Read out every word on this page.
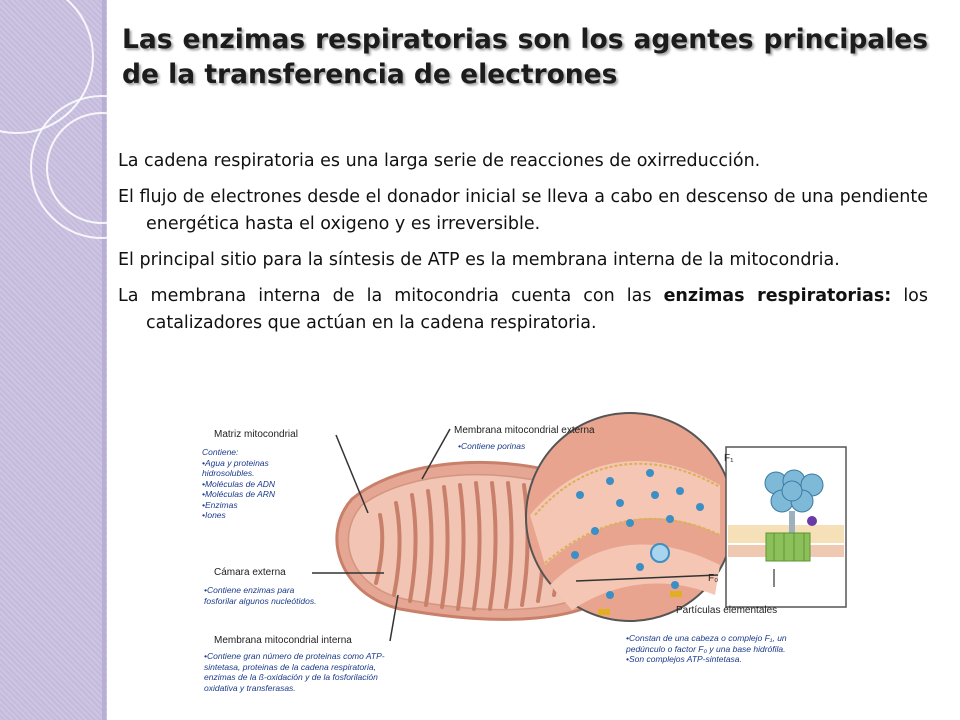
Las enzimas respiratorias son los agentes principales de la transferencia de electrones

La cadena respiratoria es una larga serie de reacciones de oxirreducción.

El flujo de electrones desde el donador inicial se lleva a cabo en descenso de una pendiente energética hasta el oxigeno y es irreversible.

El principal sitio para la síntesis de ATP es la membrana interna de la mitocondria.

La membrana interna de la mitocondria cuenta con las enzimas respiratorias: los catalizadores que actúan en la cadena respiratoria.

Matriz mitocondrial
Contiene:
•Agua y proteinas
hidrosolubles.
•Moléculas de ADN
•Moléculas de ARN
•Enzimas
•Iones
Membrana mitocondrial externa
•Contiene porinas
Cámara externa
•Contiene enzimas para
fosforilar algunos nucleótidos.
Membrana mitocondrial interna
•Contiene gran número de proteinas como ATP-
sintetasa, proteinas de la cadena respiratoria,
enzimas de la ß-oxidación y de la fosforilación
oxidativa y transferasas.
F₁
F₀
Partículas elementales
•Constan de una cabeza o complejo F₁, un
pedúnculo o factor F₀ y una base hidrófila.
•Son complejos ATP-sintetasa.
